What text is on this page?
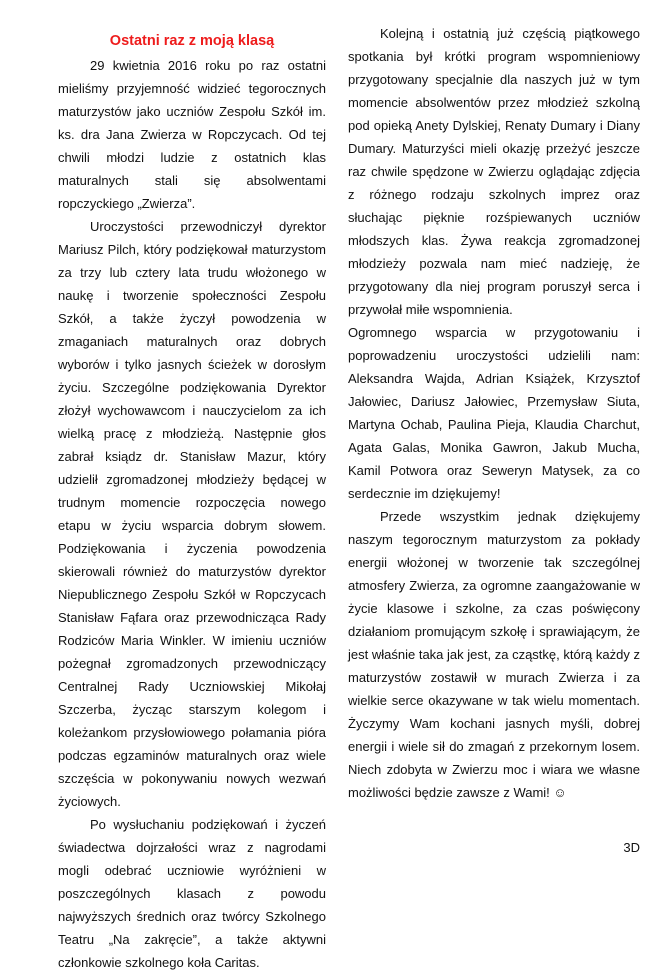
Ostatni raz z moją klasą

29 kwietnia 2016 roku po raz ostatni mieliśmy przyjemność widzieć tegorocznych maturzystów jako uczniów Zespołu Szkół im. ks. dra Jana Zwierza w Ropczycach. Od tej chwili młodzi ludzie z ostatnich klas maturalnych stali się absolwentami ropczyckiego „Zwierza”.

Uroczystości przewodniczył dyrektor Mariusz Pilch, który podziękował maturzystom za trzy lub cztery lata trudu włożonego w naukę i tworzenie społeczności Zespołu Szkół, a także życzył powodzenia w zmaganiach maturalnych oraz dobrych wyborów i tylko jasnych ścieżek w dorosłym życiu. Szczególne podziękowania Dyrektor złożył wychowawcom i nauczycielom za ich wielką pracę z młodzieżą. Następnie głos zabrał ksiądz dr. Stanisław Mazur, który udzielił zgromadzonej młodzieży będącej w trudnym momencie rozpoczęcia nowego etapu w życiu wsparcia dobrym słowem. Podziękowania i życzenia powodzenia skierowali również do maturzystów dyrektor Niepublicznego Zespołu Szkół w Ropczycach Stanisław Fąfara oraz przewodnicząca Rady Rodziców Maria Winkler. W imieniu uczniów pożegnał zgromadzonych przewodniczący Centralnej Rady Uczniowskiej Mikołaj Szczerba, życząc starszym kolegom i koleżankom przysłowiowego połamania pióra podczas egzaminów maturalnych oraz wiele szczęścia w pokonywaniu nowych wezwań życiowych.

Po wysłuchaniu podziękowań i życzeń świadectwa dojrzałości wraz z nagrodami mogli odebrać uczniowie wyróżnieni w poszczególnych klasach z powodu najwyższych średnich oraz twórcy Szkolnego Teatru „Na zakręcie”, a także aktywni członkowie szkolnego koła Caritas.

Kolejną i ostatnią już częścią piątkowego spotkania był krótki program wspomnieniowy przygotowany specjalnie dla naszych już w tym momencie absolwentów przez młodzież szkolną pod opieką Anety Dylskiej, Renaty Dumary i Diany Dumary. Maturzyści mieli okazję przeżyć jeszcze raz chwile spędzone w Zwierzu oglądając zdjęcia z różnego rodzaju szkolnych imprez oraz słuchając pięknie rozśpiewanych uczniów młodszych klas. Żywa reakcja zgromadzonej młodzieży pozwala nam mieć nadzieję, że przygotowany dla niej program poruszył serca i przywołał miłe wspomnienia.

Ogromnego wsparcia w przygotowaniu i poprowadzeniu uroczystości udzielili nam: Aleksandra Wajda, Adrian Książek, Krzysztof Jałowiec, Dariusz Jałowiec, Przemysław Siuta, Martyna Ochab, Paulina Pieja, Klaudia Charchut, Agata Galas, Monika Gawron, Jakub Mucha, Kamil Potwora oraz Seweryn Matysek, za co serdecznie im dziękujemy!

Przede wszystkim jednak dziękujemy naszym tegorocznym maturzystom za pokłady energii włożonej w tworzenie tak szczególnej atmosfery Zwierza, za ogromne zaangażowanie w życie klasowe i szkolne, za czas poświęcony działaniom promującym szkołę i sprawiającym, że jest właśnie taka jak jest, za cząstkę, którą każdy z maturzystów zostawił w murach Zwierza i za wielkie serce okazywane w tak wielu momentach. Życzymy Wam kochani jasnych myśli, dobrej energii i wiele sił do zmagań z przekornym losem. Niech zdobyta w Zwierzu moc i wiara we własne możliwości będzie zawsze z Wami! ☺

3D
